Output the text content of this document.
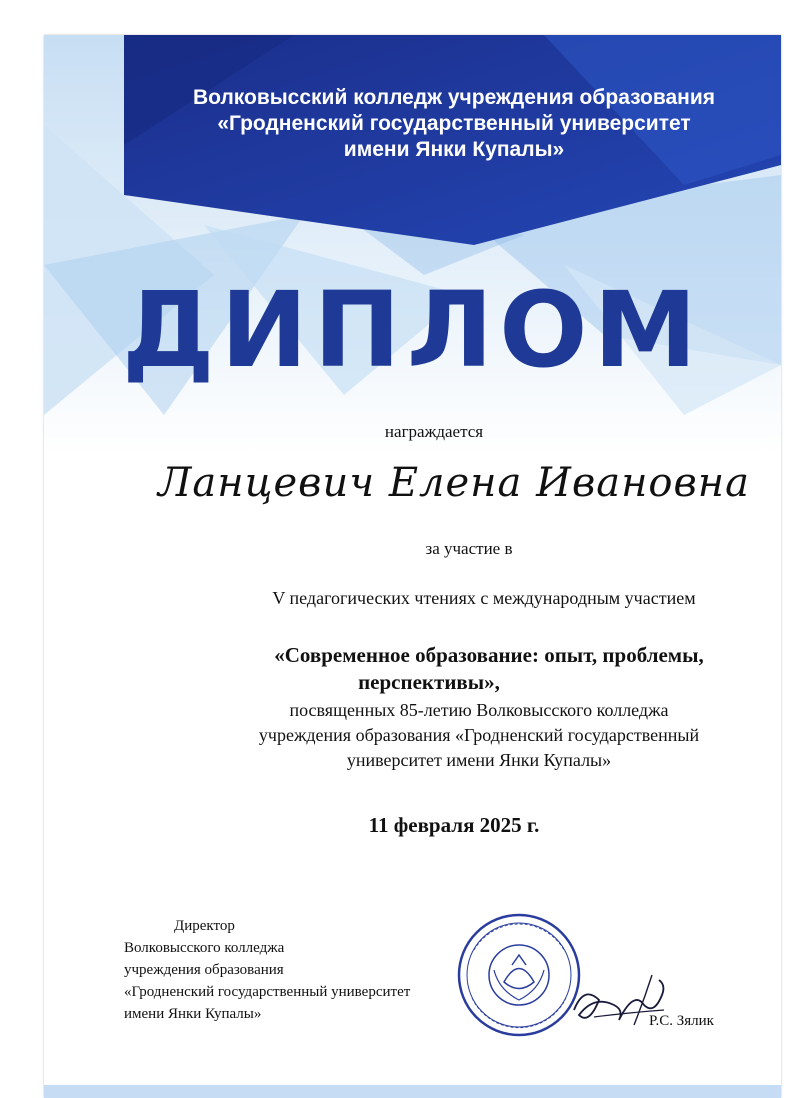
Волковысский колледж учреждения образования
«Гродненский государственный университет
имени Янки Купалы»
ДИПЛОМ
награждается
Ланцевич Елена Ивановна
за участие в
V педагогических чтениях с международным участием
«Современное образование: опыт, проблемы,
перспективы»,
посвященных 85-летию Волковысского колледжа
учреждения образования «Гродненский государственный
университет имени Янки Купалы»
11 февраля 2025 г.
Директор
Волковысского колледжа
учреждения образования
«Гродненский государственный университет
имени Янки Купалы»	Р.С. Зялик
